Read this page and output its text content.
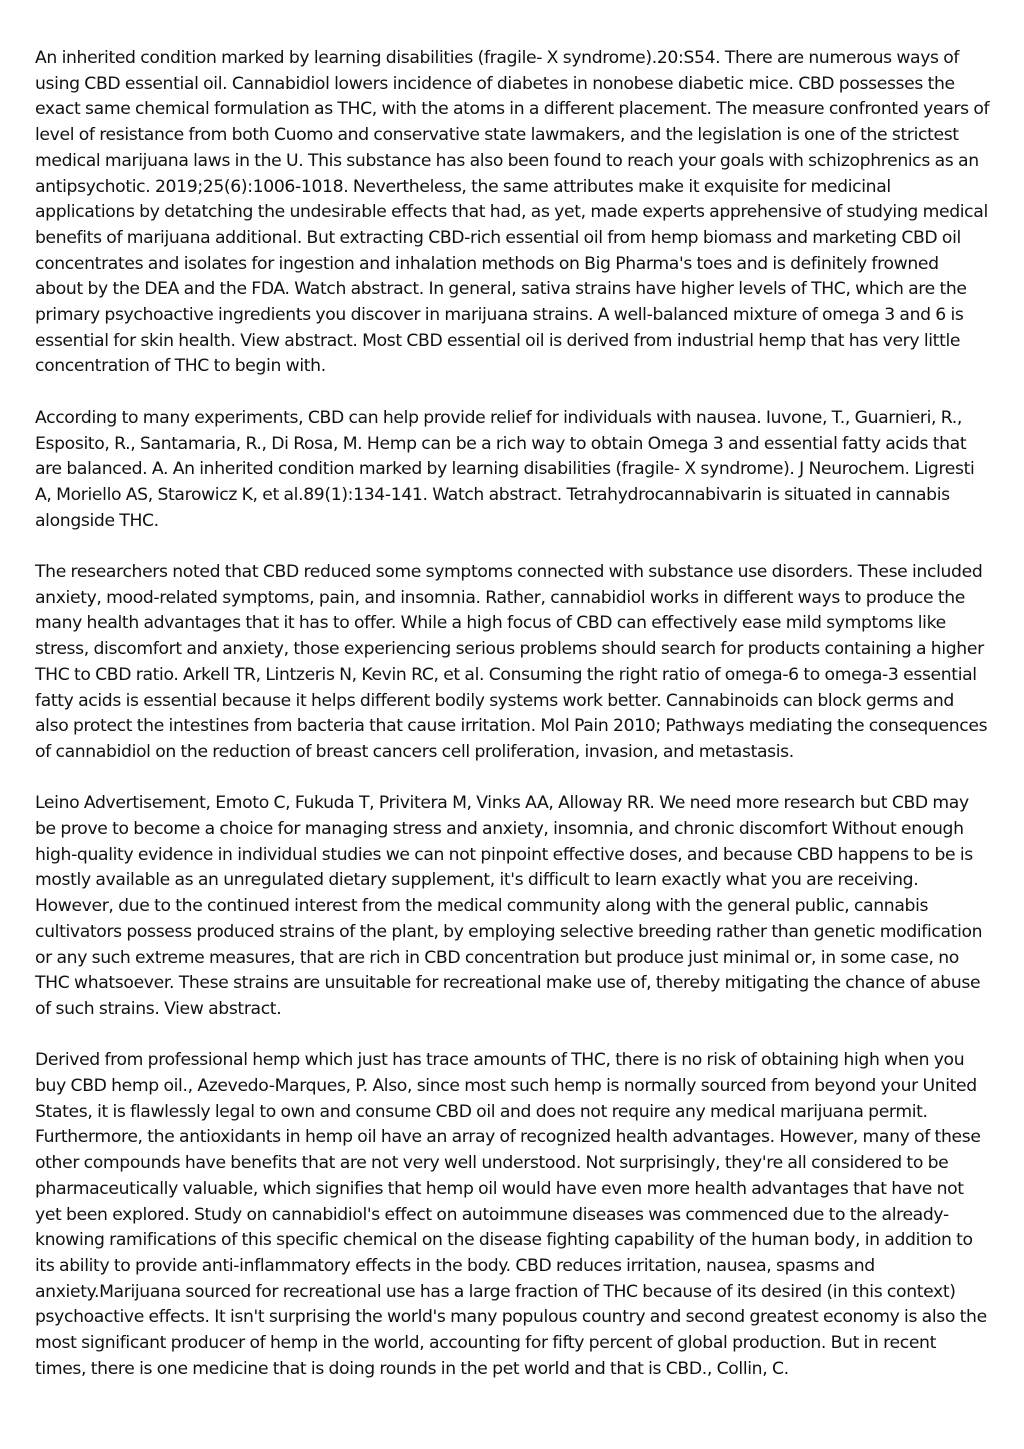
An inherited condition marked by learning disabilities (fragile- X syndrome).20:S54. There are numerous ways of using CBD essential oil. Cannabidiol lowers incidence of diabetes in nonobese diabetic mice. CBD possesses the exact same chemical formulation as THC, with the atoms in a different placement. The measure confronted years of level of resistance from both Cuomo and conservative state lawmakers, and the legislation is one of the strictest medical marijuana laws in the U. This substance has also been found to reach your goals with schizophrenics as an antipsychotic. 2019;25(6):1006-1018. Nevertheless, the same attributes make it exquisite for medicinal applications by detatching the undesirable effects that had, as yet, made experts apprehensive of studying medical benefits of marijuana additional. But extracting CBD-rich essential oil from hemp biomass and marketing CBD oil concentrates and isolates for ingestion and inhalation methods on Big Pharma's toes and is definitely frowned about by the DEA and the FDA. Watch abstract. In general, sativa strains have higher levels of THC, which are the primary psychoactive ingredients you discover in marijuana strains. A well-balanced mixture of omega 3 and 6 is essential for skin health. View abstract. Most CBD essential oil is derived from industrial hemp that has very little concentration of THC to begin with.

According to many experiments, CBD can help provide relief for individuals with nausea. Iuvone, T., Guarnieri, R., Esposito, R., Santamaria, R., Di Rosa, M. Hemp can be a rich way to obtain Omega 3 and essential fatty acids that are balanced. A. An inherited condition marked by learning disabilities (fragile- X syndrome). J Neurochem. Ligresti A, Moriello AS, Starowicz K, et al.89(1):134-141. Watch abstract. Tetrahydrocannabivarin is situated in cannabis alongside THC.

The researchers noted that CBD reduced some symptoms connected with substance use disorders. These included anxiety, mood-related symptoms, pain, and insomnia. Rather, cannabidiol works in different ways to produce the many health advantages that it has to offer. While a high focus of CBD can effectively ease mild symptoms like stress, discomfort and anxiety, those experiencing serious problems should search for products containing a higher THC to CBD ratio. Arkell TR, Lintzeris N, Kevin RC, et al. Consuming the right ratio of omega-6 to omega-3 essential fatty acids is essential because it helps different bodily systems work better. Cannabinoids can block germs and also protect the intestines from bacteria that cause irritation. Mol Pain 2010; Pathways mediating the consequences of cannabidiol on the reduction of breast cancers cell proliferation, invasion, and metastasis.

Leino Advertisement, Emoto C, Fukuda T, Privitera M, Vinks AA, Alloway RR. We need more research but CBD may be prove to become a choice for managing stress and anxiety, insomnia, and chronic discomfort Without enough high-quality evidence in individual studies we can not pinpoint effective doses, and because CBD happens to be is mostly available as an unregulated dietary supplement, it's difficult to learn exactly what you are receiving. However, due to the continued interest from the medical community along with the general public, cannabis cultivators possess produced strains of the plant, by employing selective breeding rather than genetic modification or any such extreme measures, that are rich in CBD concentration but produce just minimal or, in some case, no THC whatsoever. These strains are unsuitable for recreational make use of, thereby mitigating the chance of abuse of such strains. View abstract.

Derived from professional hemp which just has trace amounts of THC, there is no risk of obtaining high when you buy CBD hemp oil., Azevedo-Marques, P. Also, since most such hemp is normally sourced from beyond your United States, it is flawlessly legal to own and consume CBD oil and does not require any medical marijuana permit. Furthermore, the antioxidants in hemp oil have an array of recognized health advantages. However, many of these other compounds have benefits that are not very well understood. Not surprisingly, they're all considered to be pharmaceutically valuable, which signifies that hemp oil would have even more health advantages that have not yet been explored. Study on cannabidiol's effect on autoimmune diseases was commenced due to the already-knowing ramifications of this specific chemical on the disease fighting capability of the human body, in addition to its ability to provide anti-inflammatory effects in the body. CBD reduces irritation, nausea, spasms and anxiety.Marijuana sourced for recreational use has a large fraction of THC because of its desired (in this context) psychoactive effects. It isn't surprising the world's many populous country and second greatest economy is also the most significant producer of hemp in the world, accounting for fifty percent of global production. But in recent times, there is one medicine that is doing rounds in the pet world and that is CBD., Collin, C.
